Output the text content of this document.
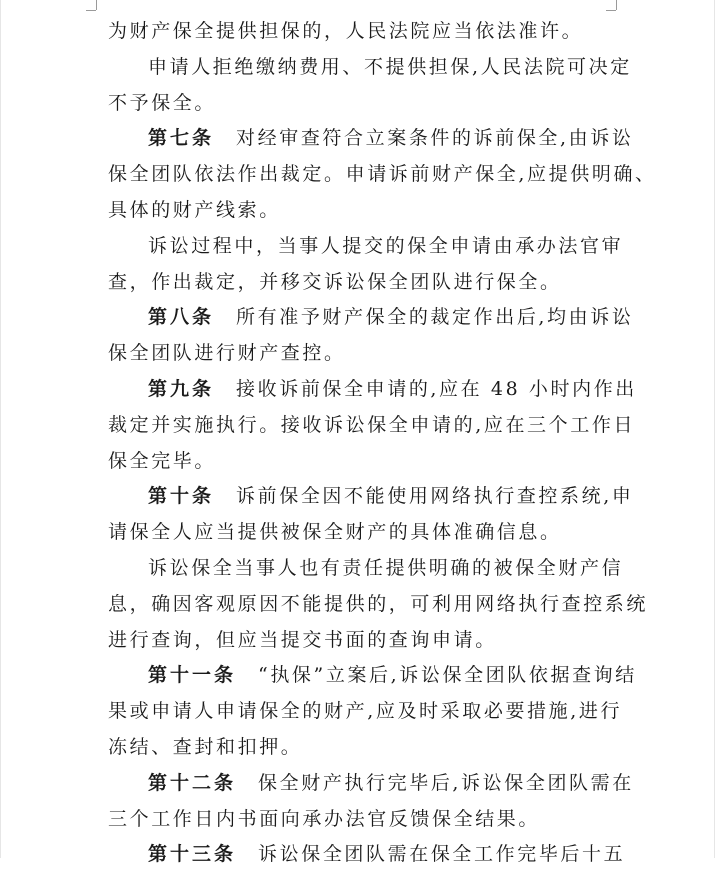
为财产保全提供担保的，人民法院应当依法准许。
申请人拒绝缴纳费用、不提供担保,人民法院可决定
不予保全。
第七条 对经审查符合立案条件的诉前保全,由诉讼
保全团队依法作出裁定。申请诉前财产保全,应提供明确、
具体的财产线索。
诉讼过程中，当事人提交的保全申请由承办法官审
查，作出裁定，并移交诉讼保全团队进行保全。
第八条 所有准予财产保全的裁定作出后,均由诉讼
保全团队进行财产查控。
第九条 接收诉前保全申请的,应在 48 小时内作出
裁定并实施执行。接收诉讼保全申请的,应在三个工作日
保全完毕。
第十条 诉前保全因不能使用网络执行查控系统,申
请保全人应当提供被保全财产的具体准确信息。
诉讼保全当事人也有责任提供明确的被保全财产信
息，确因客观原因不能提供的，可利用网络执行查控系统
进行查询，但应当提交书面的查询申请。
第十一条 “执保”立案后,诉讼保全团队依据查询结
果或申请人申请保全的财产,应及时采取必要措施,进行
冻结、查封和扣押。
第十二条 保全财产执行完毕后,诉讼保全团队需在
三个工作日内书面向承办法官反馈保全结果。
第十三条 诉讼保全团队需在保全工作完毕后十五
